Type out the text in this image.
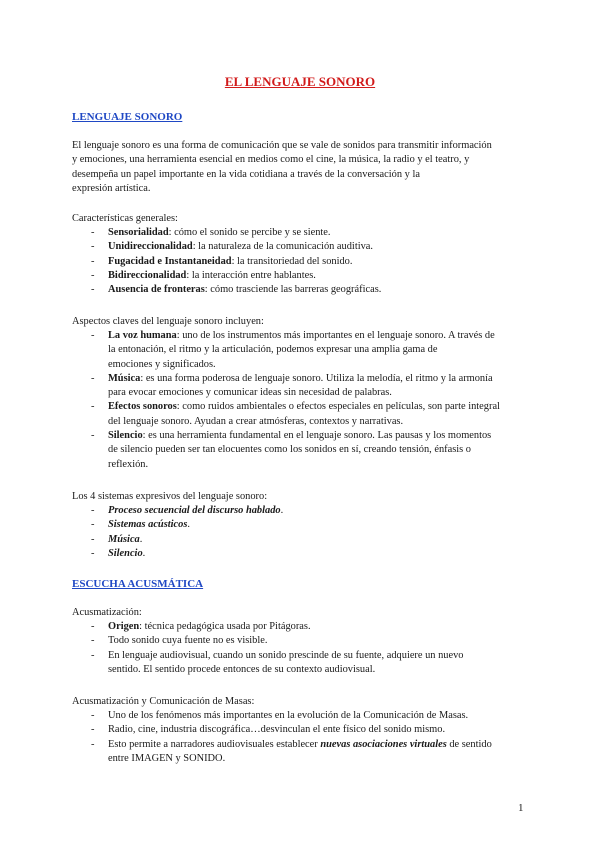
EL LENGUAJE SONORO
LENGUAJE SONORO
El lenguaje sonoro es una forma de comunicación que se vale de sonidos para transmitir información
y emociones, una herramienta esencial en medios como el cine, la música, la radio y el teatro, y
desempeña un papel importante en la vida cotidiana a través de la conversación y la
expresión artística.
Características generales:
- Sensorialidad: cómo el sonido se percibe y se siente.
- Unidireccionalidad: la naturaleza de la comunicación auditiva.
- Fugacidad e Instantaneidad: la transitoriedad del sonido.
- Bidireccionalidad: la interacción entre hablantes.
- Ausencia de fronteras: cómo trasciende las barreras geográficas.
Aspectos claves del lenguaje sonoro incluyen:
- La voz humana: uno de los instrumentos más importantes en el lenguaje sonoro. A través de
la entonación, el ritmo y la articulación, podemos expresar una amplia gama de
emociones y significados.
- Música: es una forma poderosa de lenguaje sonoro. Utiliza la melodía, el ritmo y la armonía
para evocar emociones y comunicar ideas sin necesidad de palabras.
- Efectos sonoros: como ruidos ambientales o efectos especiales en películas, son parte integral
del lenguaje sonoro. Ayudan a crear atmósferas, contextos y narrativas.
- Silencio: es una herramienta fundamental en el lenguaje sonoro. Las pausas y los momentos
de silencio pueden ser tan elocuentes como los sonidos en sí, creando tensión, énfasis o
reflexión.
Los 4 sistemas expresivos del lenguaje sonoro:
- Proceso secuencial del discurso hablado.
- Sistemas acústicos.
- Música.
- Silencio.
ESCUCHA ACUSMÁTICA
Acusmatización:
- Origen: técnica pedagógica usada por Pitágoras.
- Todo sonido cuya fuente no es visible.
- En lenguaje audiovisual, cuando un sonido prescinde de su fuente, adquiere un nuevo
sentido. El sentido procede entonces de su contexto audiovisual.
Acusmatización y Comunicación de Masas:
- Uno de los fenómenos más importantes en la evolución de la Comunicación de Masas.
- Radio, cine, industria discográfica…desvinculan el ente físico del sonido mismo.
- Esto permite a narradores audiovisuales establecer nuevas asociaciones virtuales de sentido
entre IMAGEN y SONIDO.
1
